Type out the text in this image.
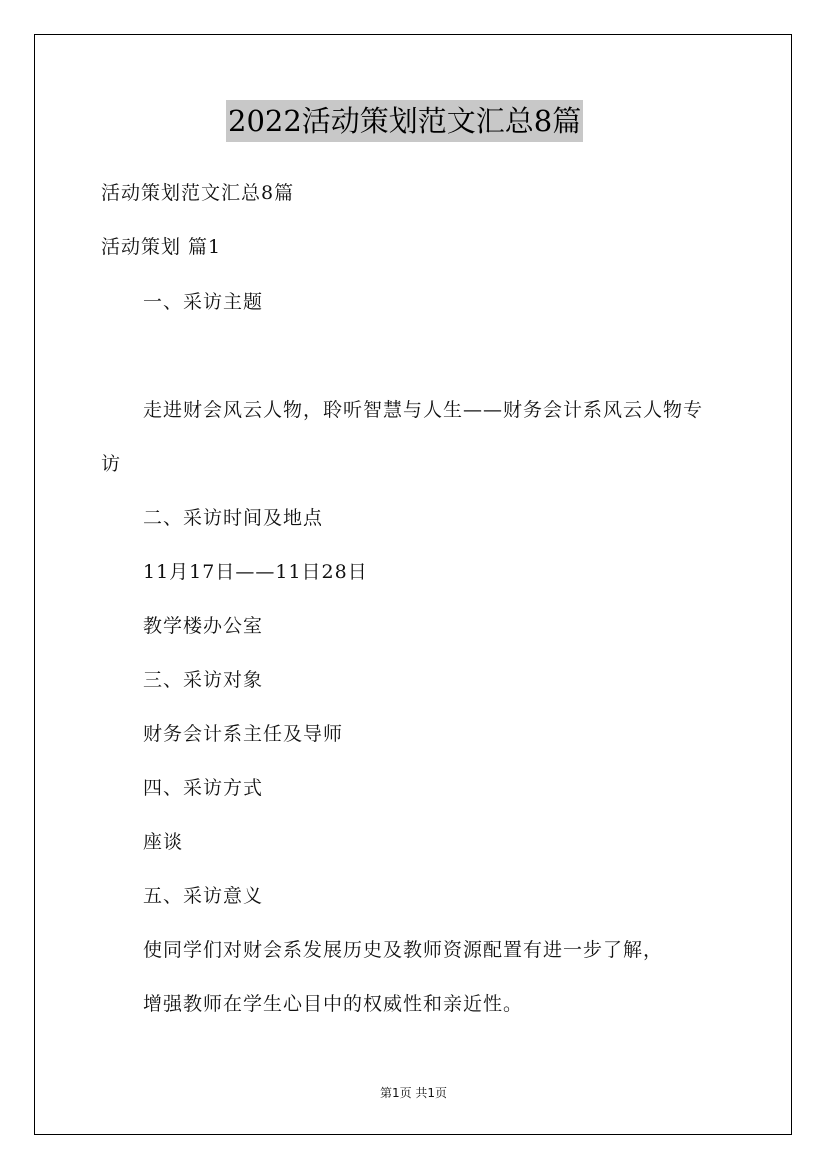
2022活动策划范文汇总8篇
活动策划范文汇总8篇
活动策划 篇1
一、采访主题
走进财会风云人物，聆听智慧与人生——财务会计系风云人物专
访
二、采访时间及地点
11月17日——11日28日
教学楼办公室
三、采访对象
财务会计系主任及导师
四、采访方式
座谈
五、采访意义
使同学们对财会系发展历史及教师资源配置有进一步了解，
增强教师在学生心目中的权威性和亲近性。
第1页 共1页
